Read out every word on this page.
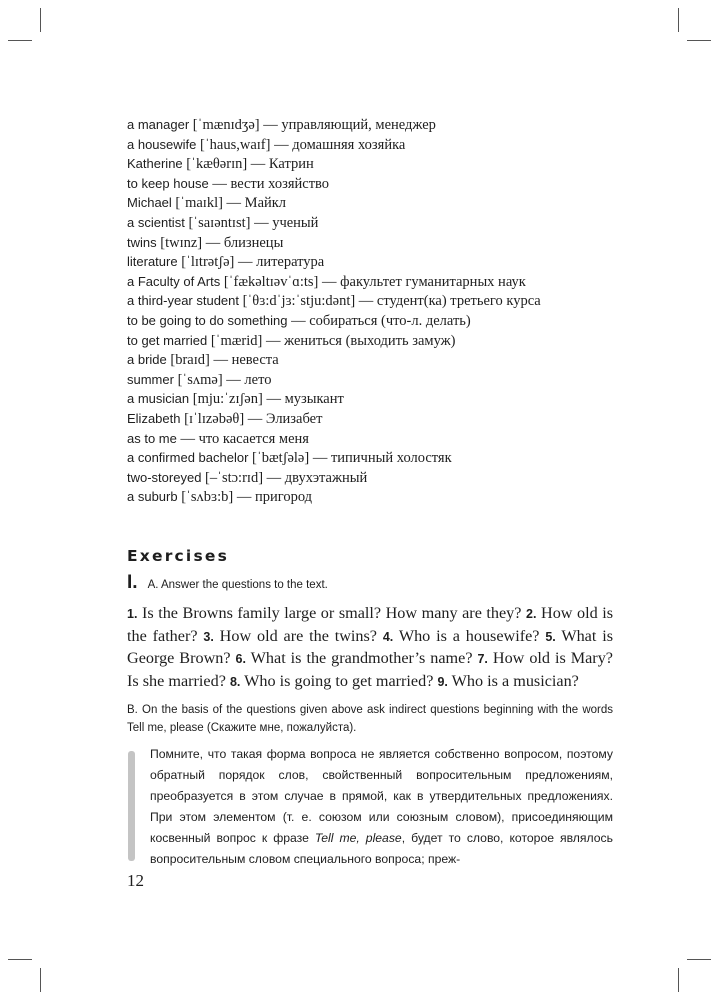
a manager [ˈmænɪdʒə] — управляющий, менеджер
a housewife [ˈhaus,waɪf] — домашняя хозяйка
Katherine [ˈkæθərɪn] — Катрин
to keep house — вести хозяйство
Michael [ˈmaɪkl] — Майкл
a scientist [ˈsaɪəntɪst] — ученый
twins [twɪnz] — близнецы
literature [ˈlɪtrətʃə] — литература
a Faculty of Arts [ˈfækəltɪəvˈɑ:ts] — факультет гуманитарных наук
a third-year student [ˈθɜ:dˈjɜ:ˈstju:dənt] — студент(ка) третьего курса
to be going to do something — собираться (что-л. делать)
to get married [ˈmærid] — жениться (выходить замуж)
a bride [braɪd] — невеста
summer [ˈsʌmə] — лето
a musician [mju:ˈzɪʃən] — музыкант
Elizabeth [ɪˈlɪzəbəθ] — Элизабет
as to me — что касается меня
a confirmed bachelor [ˈbætʃələ] — типичный холостяк
two-storeyed [–ˈstɔ:rɪd] — двухэтажный
a suburb [ˈsʌbɜ:b] — пригород
Exercises
I. A. Answer the questions to the text.

1. Is the Browns family large or small? How many are they? 2. How old is the father? 3. How old are the twins? 4. Who is a housewife? 5. What is George Brown? 6. What is the grandmother’s name? 7. How old is Mary? Is she married? 8. Who is going to get married? 9. Who is a musician?

B. On the basis of the questions given above ask indirect questions beginning with the words Tell me, please (Скажите мне, пожалуйста).

Помните, что такая форма вопроса не является собственно вопросом, поэтому обратный порядок слов, свойственный вопросительным предложениям, преобразуется в этом случае в прямой, как в утвердительных предложениях. При этом элементом (т. е. союзом или союзным словом), присоединяющим косвенный вопрос к фразе Tell me, please, будет то слово, которое являлось вопросительным словом специального вопроса; преж-

12
